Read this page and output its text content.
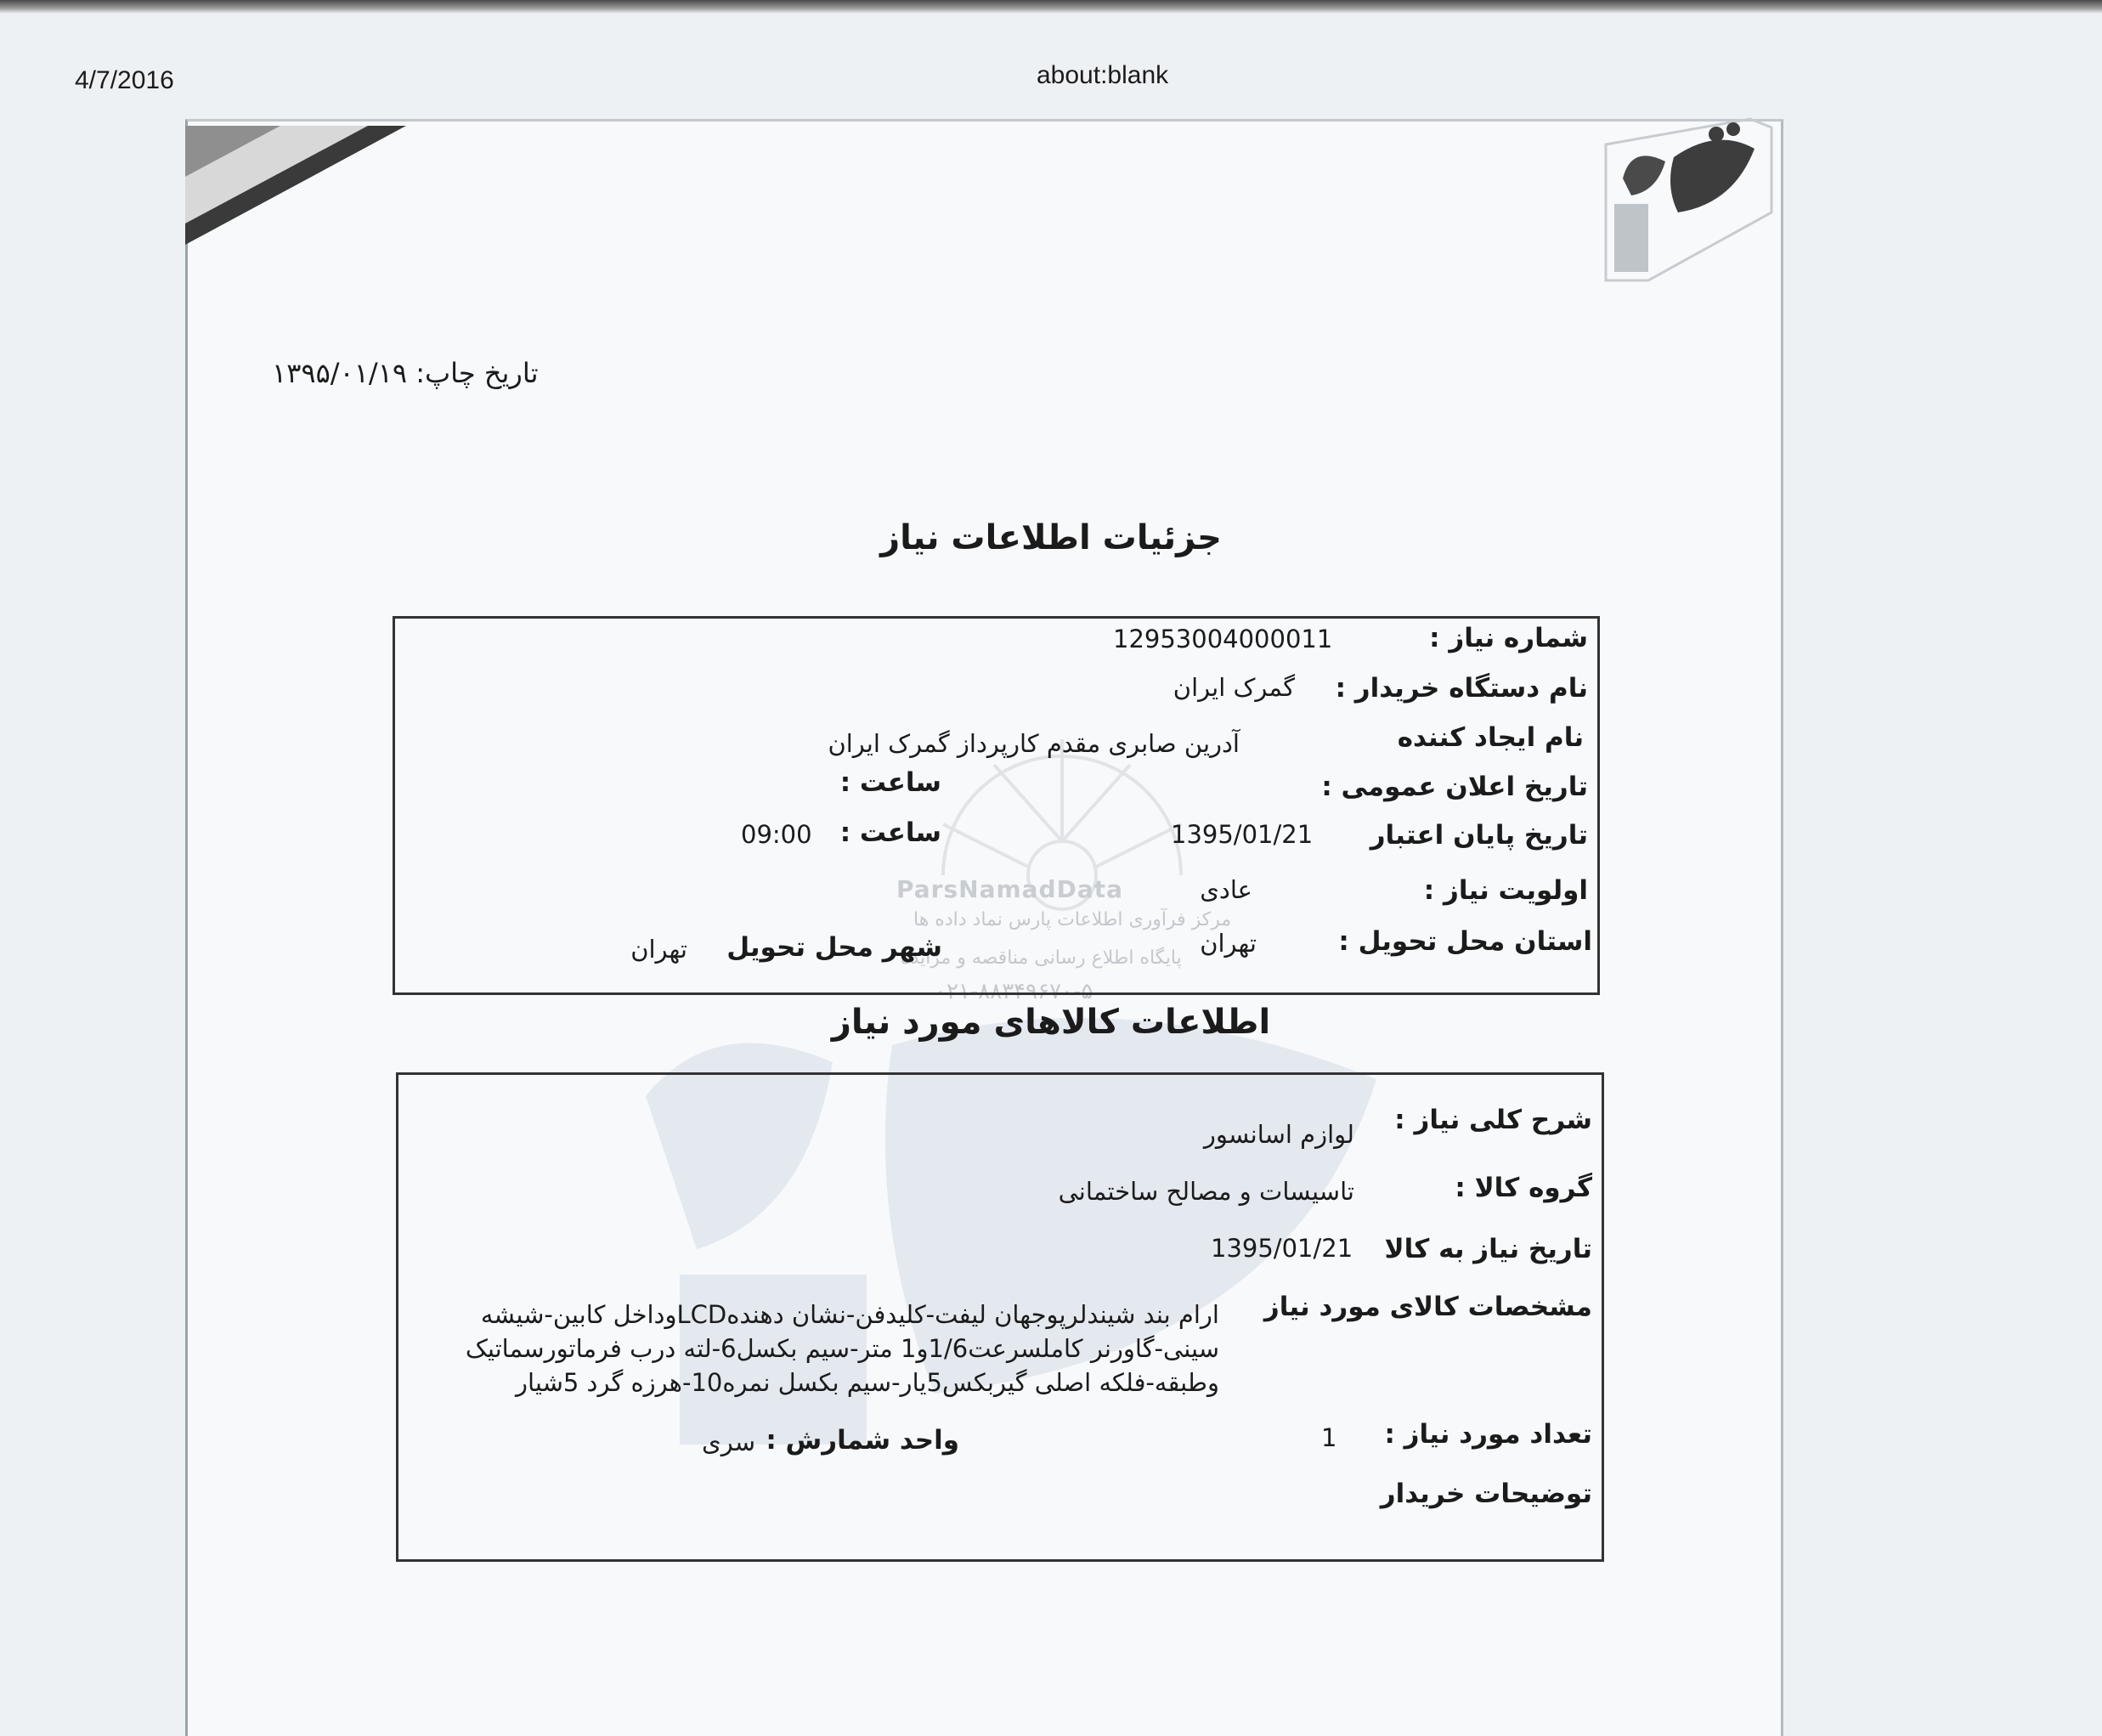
4/7/2016	about:blank
ParsNamadData
مرکز فرآوری اطلاعات پارس نماد داده ها
پایگاه اطلاع رسانی مناقصه و مزایده
۰۲۱-۸۸۳۴۹۶۷۰-۵
تاریخ چاپ: ۱۳۹۵/۰۱/۱۹
جزئیات اطلاعات نیاز
شماره نیاز :
12953004000011
نام دستگاه خریدار :
گمرک ایران
نام ایجاد کننده
آدرین صابری مقدم کارپرداز گمرک ایران
تاریخ اعلان عمومی :
ساعت :
تاریخ پایان اعتبار
1395/01/21
ساعت :
09:00
اولویت نیاز :
عادی
استان محل تحویل :
تهران
شهر محل تحویل
تهران
اطلاعات کالاهای مورد نیاز
شرح کلی نیاز :
لوازم اسانسور
گروه کالا :
تاسیسات و مصالح ساختمانی
تاریخ نیاز به کالا
1395/01/21
مشخصات کالای مورد نیاز
ارام بند شیندلرپوجهان لیفت-کلیدفن-نشان دهندهLCDوداخل کابین-شیشه
سینی-گاورنر کاملسرعت1/6و1 متر-سیم بکسل6-لته درب فرماتورسماتیک
وطبقه-فلکه اصلی گیربکس5یار-سیم بکسل نمره10-هرزه گرد 5شیار
تعداد مورد نیاز :
1
واحد شمارش :
سری
توضیحات خریدار
